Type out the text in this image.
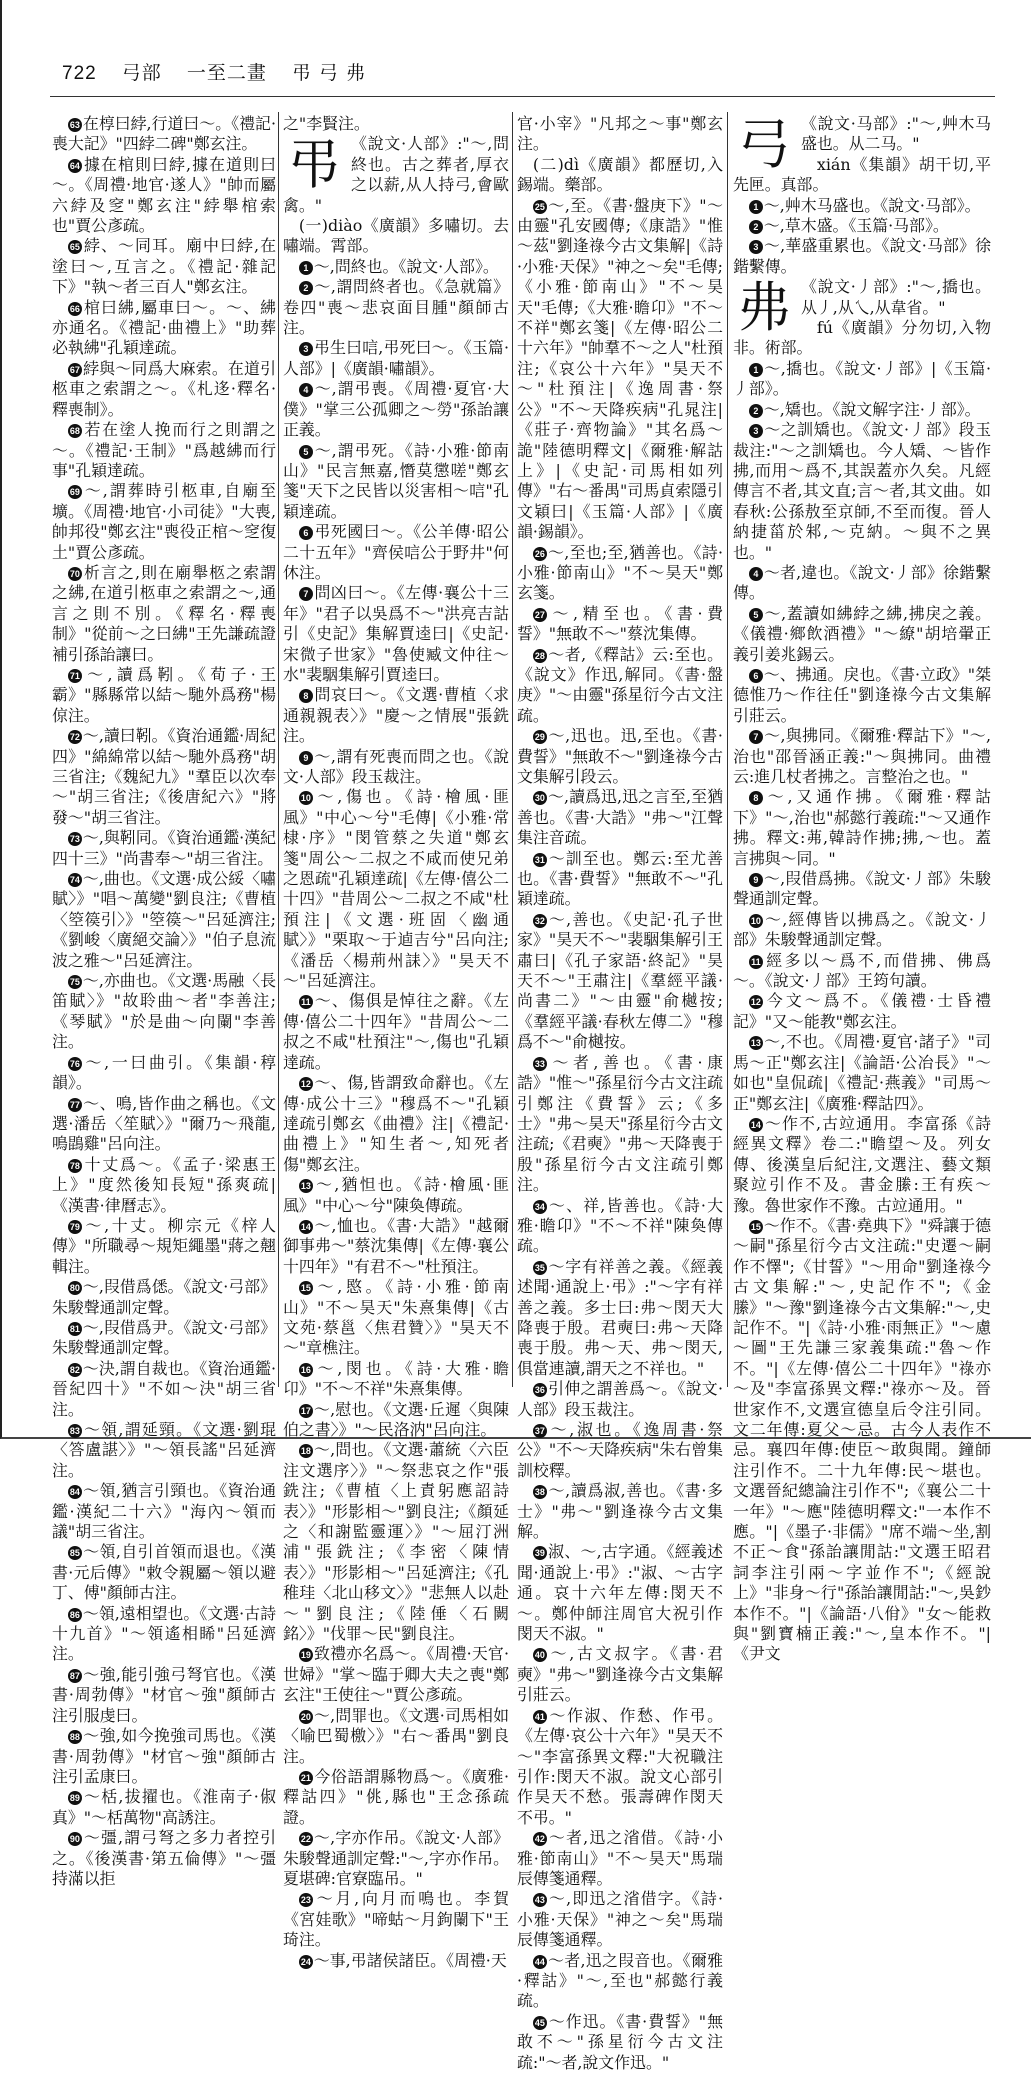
722 弓部 一至二畫 弔 弓 弗

63 在椁曰綍,行道曰～。《禮記·喪大記》"四綍二碑"鄭玄注。

64 據在棺則曰綍,據在道則曰～。《周禮·地官·遂人》"帥而屬六綍及窆"鄭玄注"綍舉棺索也"賈公彥疏。

65 綍、～同耳。廟中曰綍,在塗曰～,互言之。《禮記·雜記下》"執～者三百人"鄭玄注。

66 棺曰紼,屬車曰～。～、紼亦通名。《禮記·曲禮上》"助葬必執紼"孔穎達疏。

67 綍與～同爲大麻索。在道引柩車之索謂之～。《札迻·釋名·釋喪制》。

68 若在塗人挽而行之則謂之～。《禮記·王制》"爲越紼而行事"孔穎達疏。

69 ～,謂葬時引柩車,自廟至壙。《周禮·地官·小司徒》"大喪,帥邦役"鄭玄注"喪役正棺～窆復土"賈公彥疏。

70 析言之,則在廟舉柩之索謂之紼,在道引柩車之索謂之～,通言之則不別。《釋名·釋喪制》"從前～之曰紼"王先謙疏證補引孫詒讓曰。

71 ～,讀爲靷。《荀子·王霸》"縣縣常以結～馳外爲務"楊倞注。

72 ～,讀曰靷。《資治通鑑·周紀四》"綿綿常以結～馳外爲務"胡三省注;《魏紀九》"羣臣以次奉～"胡三省注;《後唐紀六》"將發～"胡三省注。

73 ～,與靷同。《資治通鑑·漢紀四十三》"尚書奉～"胡三省注。

74 ～,曲也。《文選·成公綏〈嘯賦〉》"唱～萬變"劉良注;《曹植〈箜篌引〉》"箜篌～"呂延濟注;《劉峻〈廣絕交論〉》"伯子息流波之雅～"呂延濟注。

75 ～,亦曲也。《文選·馬融〈長笛賦〉》"故聆曲～者"李善注;《琴賦》"於是曲～向闌"李善注。

76 ～,一曰曲引。《集韻·稕韻》。

77 ～、鳴,皆作曲之稱也。《文選·潘岳〈笙賦〉》"爾乃～飛龍,鳴鵾雞"呂向注。

78 十丈爲～。《孟子·梁惠王上》"度然後知長短"孫爽疏|《漢書·律曆志》。

79 ～,十丈。柳宗元《梓人傳》"所職尋～規矩繩墨"蔣之翹輯注。

80 ～,叚借爲僁。《說文·弓部》朱駿聲通訓定聲。

81 ～,叚借爲尹。《說文·弓部》朱駿聲通訓定聲。

82 ～決,謂自裁也。《資治通鑑·晉紀四十》"不如～決"胡三省注。

83 ～領,謂延頸。《文選·劉琨〈答盧諶〉》"～領長謠"呂延濟注。

84 ～領,猶言引頸也。《資治通鑑·漢紀二十六》"海內～領而議"胡三省注。

85 ～領,自引首領而退也。《漢書·元后傳》"敕令親屬～領以避丁、傅"顏師古注。

86 ～領,遠相望也。《文選·古詩十九首》"～領遙相睎"呂延濟注。

87 ～強,能引強弓弩官也。《漢書·周勃傳》"材官～強"顏師古注引服虔曰。

88 ～強,如今挽強司馬也。《漢書·周勃傳》"材官～強"顏師古注引孟康曰。

89 ～栝,拔擢也。《淮南子·俶真》"～栝萬物"高誘注。

90 ～彊,謂弓弩之多力者控引之。《後漢書·第五倫傳》"～彊持滿以拒

之"李賢注。

弔 《說文·人部》:"～,問終也。古之葬者,厚衣之以薪,从人持弓,會歐禽。"

(一)diào《廣韻》多嘯切。去嘯端。霄部。

1 ～,問終也。《說文·人部》。

2 ～,謂問終者也。《急就篇》卷四"喪～悲哀面目腫"顏師古注。

3 弔生曰唁,弔死曰～。《玉篇·人部》|《廣韻·嘯韻》。

4 ～,謂弔喪。《周禮·夏官·大僕》"掌三公孤卿之～勞"孫詒讓正義。

5 ～,謂弔死。《詩·小雅·節南山》"民言無嘉,憯莫懲嗟"鄭玄箋"天下之民皆以災害相～唁"孔穎達疏。

6 弔死國曰～。《公羊傳·昭公二十五年》"齊侯唁公于野井"何休注。

7 問凶曰～。《左傳·襄公十三年》"君子以吳爲不～"洪亮吉詁引《史記》集解賈逵曰|《史記·宋微子世家》"魯使臧文仲往～水"裴駰集解引賈逵曰。

8 問哀曰～。《文選·曹植〈求通親親表〉》"慶～之情展"張銑注。

9 ～,謂有死喪而問之也。《說文·人部》段玉裁注。

10 ～,傷也。《詩·檜風·匪風》"中心～兮"毛傳|《小雅·常棣·序》"閔管蔡之失道"鄭玄箋"周公～二叔之不咸而使兄弟之恩疏"孔穎達疏|《左傳·僖公二十四》"昔周公～二叔之不咸"杜預注|《文選·班固〈幽通賦〉》"栗取～于逌吉兮"呂向注;《潘岳〈楊荊州誄〉》"昊天不～"呂延濟注。

11 ～、傷俱是悼往之辭。《左傳·僖公二十四年》"昔周公～二叔之不咸"杜預注"～,傷也"孔穎達疏。

12 ～、傷,皆謂致命辭也。《左傳·成公十三》"穆爲不～"孔穎達疏引鄭玄《曲禮》注|《禮記·曲禮上》"知生者～,知死者傷"鄭玄注。

13 ～,猶怛也。《詩·檜風·匪風》"中心～兮"陳奐傳疏。

14 ～,恤也。《書·大誥》"越爾御事弗～"蔡沈集傳|《左傳·襄公十四年》"有君不～"杜預注。

15 ～,愍。《詩·小雅·節南山》"不～昊天"朱熹集傳|《古文苑·蔡邕〈焦君贊〉》"昊天不～"章樵注。

16 ～,閔也。《詩·大雅·瞻卬》"不～不祥"朱熹集傳。

17 ～,慰也。《文選·丘遲〈與陳伯之書〉》"～民洛汭"呂向注。

18 ～,問也。《文選·蕭統〈六臣注文選序〉》"～祭悲哀之作"張銑注;《曹植〈上責躬應詔詩表〉》"形影相～"劉良注;《顏延之〈和謝監靈運〉》"～屈汀洲浦"張銑注;《李密〈陳情表〉》"形影相～"呂延濟注;《孔稚珪〈北山移文〉》"悲無人以赴～"劉良注;《陸倕〈石闕銘〉》"伐罪～民"劉良注。

19 致禮亦名爲～。《周禮·天官·世婦》"掌～臨于卿大夫之喪"鄭玄注"王使往～"賈公彥疏。

20 ～,問罪也。《文選·司馬相如〈喻巴蜀檄〉》"右～番禺"劉良注。

21 今俗語謂縣物爲～。《廣雅·釋詁四》"佻,縣也"王念孫疏證。

22 ～,字亦作吊。《說文·人部》朱駿聲通訓定聲:"～,字亦作吊。夏堪碑:官寮臨吊。"

23 ～月,向月而鳴也。李賀《宮娃歌》"啼蛄～月鉤闌下"王琦注。

24 ～事,弔諸侯諸臣。《周禮·天

官·小宰》"凡邦之～事"鄭玄注。

(二)dì《廣韻》都歷切,入錫端。藥部。

25 ～,至。《書·盤庚下》"～由靈"孔安國傳;《康誥》"惟～茲"劉逢祿今古文集解|《詩·小雅·天保》"神之～矣"毛傳;《小雅·節南山》"不～昊天"毛傳;《大雅·瞻卬》"不～不祥"鄭玄箋|《左傳·昭公二十六年》"帥羣不～之人"杜預注;《哀公十六年》"昊天不～"杜預注|《逸周書·祭公》"不～天降疾病"孔晁注|《莊子·齊物論》"其名爲～詭"陸德明釋文|《爾雅·解詁上》|《史記·司馬相如列傳》"右～番禺"司馬貞索隱引文穎曰|《玉篇·人部》|《廣韻·錫韻》。

26 ～,至也;至,猶善也。《詩·小雅·節南山》"不～昊天"鄭玄箋。

27 ～,精至也。《書·費誓》"無敢不～"蔡沈集傳。

28 ～者,《釋詁》云:至也。《說文》作迅,解同。《書·盤庚》"～由靈"孫星衍今古文注疏。

29 ～,迅也。迅,至也。《書·費誓》"無敢不～"劉逢祿今古文集解引段云。

30 ～,讀爲迅,迅之言至,至猶善也。《書·大誥》"弗～"江聲集注音疏。

31 ～訓至也。鄭云:至尤善也。《書·費誓》"無敢不～"孔穎達疏。

32 ～,善也。《史記·孔子世家》"昊天不～"裴駰集解引王肅曰|《孔子家語·終記》"昊天不～"王肅注|《羣經平議·尚書二》"～由靈"俞樾按;《羣經平議·春秋左傳二》"穆爲不～"俞樾按。

33 ～者,善也。《書·康誥》"惟～"孫星衍今古文注疏引鄭注《費誓》云;《多士》"弗～昊天"孫星衍今古文注疏;《君奭》"弗～天降喪于殷"孫星衍今古文注疏引鄭注。

34 ～、祥,皆善也。《詩·大雅·瞻卬》"不～不祥"陳奐傳疏。

35 ～字有祥善之義。《經義述聞·通說上·弔》:"～字有祥善之義。多士曰:弗～閔天大降喪于殷。君奭曰:弗～天降喪于殷。弗～天、弗～閔天,俱當連讀,謂天之不祥也。"

36 引伸之謂善爲～。《說文·人部》段玉裁注。

37 ～,淑也。《逸周書·祭公》"不～天降疾病"朱右曾集訓校釋。

38 ～,讀爲淑,善也。《書·多士》"弗～"劉逢祿今古文集解。

39 淑、～,古字通。《經義述聞·通說上·弔》:"淑、～古字通。哀十六年左傳:閔天不～。鄭仲師注周官大祝引作閔天不淑。"

40 ～,古文叔字。《書·君奭》"弗～"劉逢祿今古文集解引莊云。

41 ～作淑、作愁、作弔。《左傳·哀公十六年》"昊天不～"李富孫異文釋:"大祝職注引作:閔天不淑。說文心部引作昊天不愁。張壽碑作閔天不弔。"

42 ～者,迅之渻借。《詩·小雅·節南山》"不～昊天"馬瑞辰傳箋通釋。

43 ～,即迅之渻借字。《詩·小雅·天保》"神之～矣"馬瑞辰傳箋通釋。

44 ～者,迅之叚音也。《爾雅·釋詁》"～,至也"郝懿行義疏。

45 ～作迅。《書·費誓》"無敢不～"孫星衍今古文注疏:"～者,說文作迅。"

弓 《說文·马部》:"～,艸木马盛也。从二马。"

xián《集韻》胡干切,平先匣。真部。

1 ～,艸木马盛也。《說文·马部》。

2 ～,草木盛。《玉篇·马部》。

3 ～,華盛重累也。《說文·马部》徐鍇繫傳。

弗 《說文·丿部》:"～,撟也。从丿,从乀,从韋省。"

fú《廣韻》分勿切,入物非。術部。

1 ～,撟也。《說文·丿部》|《玉篇·丿部》。

2 ～,矯也。《說文解字注·丿部》。

3 ～之訓矯也。《說文·丿部》段玉裁注:"～之訓矯也。今人矯、～皆作拂,而用～爲不,其誤蓋亦久矣。凡經傳言不者,其文直;言～者,其文曲。如春秋:公孫敖至京師,不至而復。晉人納捷菑於邾,～克納。～與不之異也。"

4 ～者,違也。《說文·丿部》徐鍇繫傳。

5 ～,蓋讀如紼綍之紼,拂戾之義。《儀禮·鄉飲酒禮》"～繚"胡培翬正義引姜兆錫云。

6 ～、拂通。戾也。《書·立政》"桀德惟乃～作往任"劉逢祿今古文集解引莊云。

7 ～,與拂同。《爾雅·釋詁下》"～,治也"邵晉涵正義:"～與拂同。曲禮云:進几杖者拂之。言整治之也。"

8 ～,又通作拂。《爾雅·釋詁下》"～,治也"郝懿行義疏:"～又通作拂。釋文:茀,韓詩作拂;拂,～也。蓋言拂與～同。"

9 ～,叚借爲拂。《說文·丿部》朱駿聲通訓定聲。

10 ～,經傳皆以拂爲之。《說文·丿部》朱駿聲通訓定聲。

11 經多以～爲不,而借拂、佛爲～。《說文·丿部》王筠句讀。

12 今文～爲不。《儀禮·士昏禮記》"又～能教"鄭玄注。

13 ～,不也。《周禮·夏官·諸子》"司馬～正"鄭玄注|《論語·公冶長》"～如也"皇侃疏|《禮記·燕義》"司馬～正"鄭玄注|《廣雅·釋詁四》。

14 ～作不,古竝通用。李富孫《詩經異文釋》卷二:"瞻望～及。列女傳、後漢皇后紀注,文選注、藝文類聚竝引作不及。書金縢:王有疾～豫。魯世家作不豫。古竝通用。"

15 ～作不。《書·堯典下》"舜讓于德～嗣"孫星衍今古文注疏:"史遷～嗣作不懌";《甘誓》"～用命"劉逢祿今古文集解:"～,史記作不";《金縢》"～豫"劉逢祿今古文集解:"～,史記作不。"|《詩·小雅·雨無正》"～慮～圖"王先謙三家義集疏:"魯～作不。"|《左傳·僖公二十四年》"祿亦～及"李富孫異文釋:"祿亦～及。晉世家作不,文選宣德皇后令注引同。文二年傳:夏父～忌。古今人表作不忌。襄四年傳:使臣～敢與聞。鐘師注引作不。二十九年傳:民～堪也。文選晉紀總論注引作不";《襄公二十一年》"～應"陸德明釋文:"一本作不應。"|《墨子·非儒》"席不端～坐,割不正～食"孫詒讓閒詁:"文選王昭君詞李注引兩～字並作不";《經說上》"非身～行"孫詒讓閒詁:"～,吳鈔本作不。"|《論語·八佾》"女～能救與"劉寶楠正義:"～,皇本作不。"|《尹文
